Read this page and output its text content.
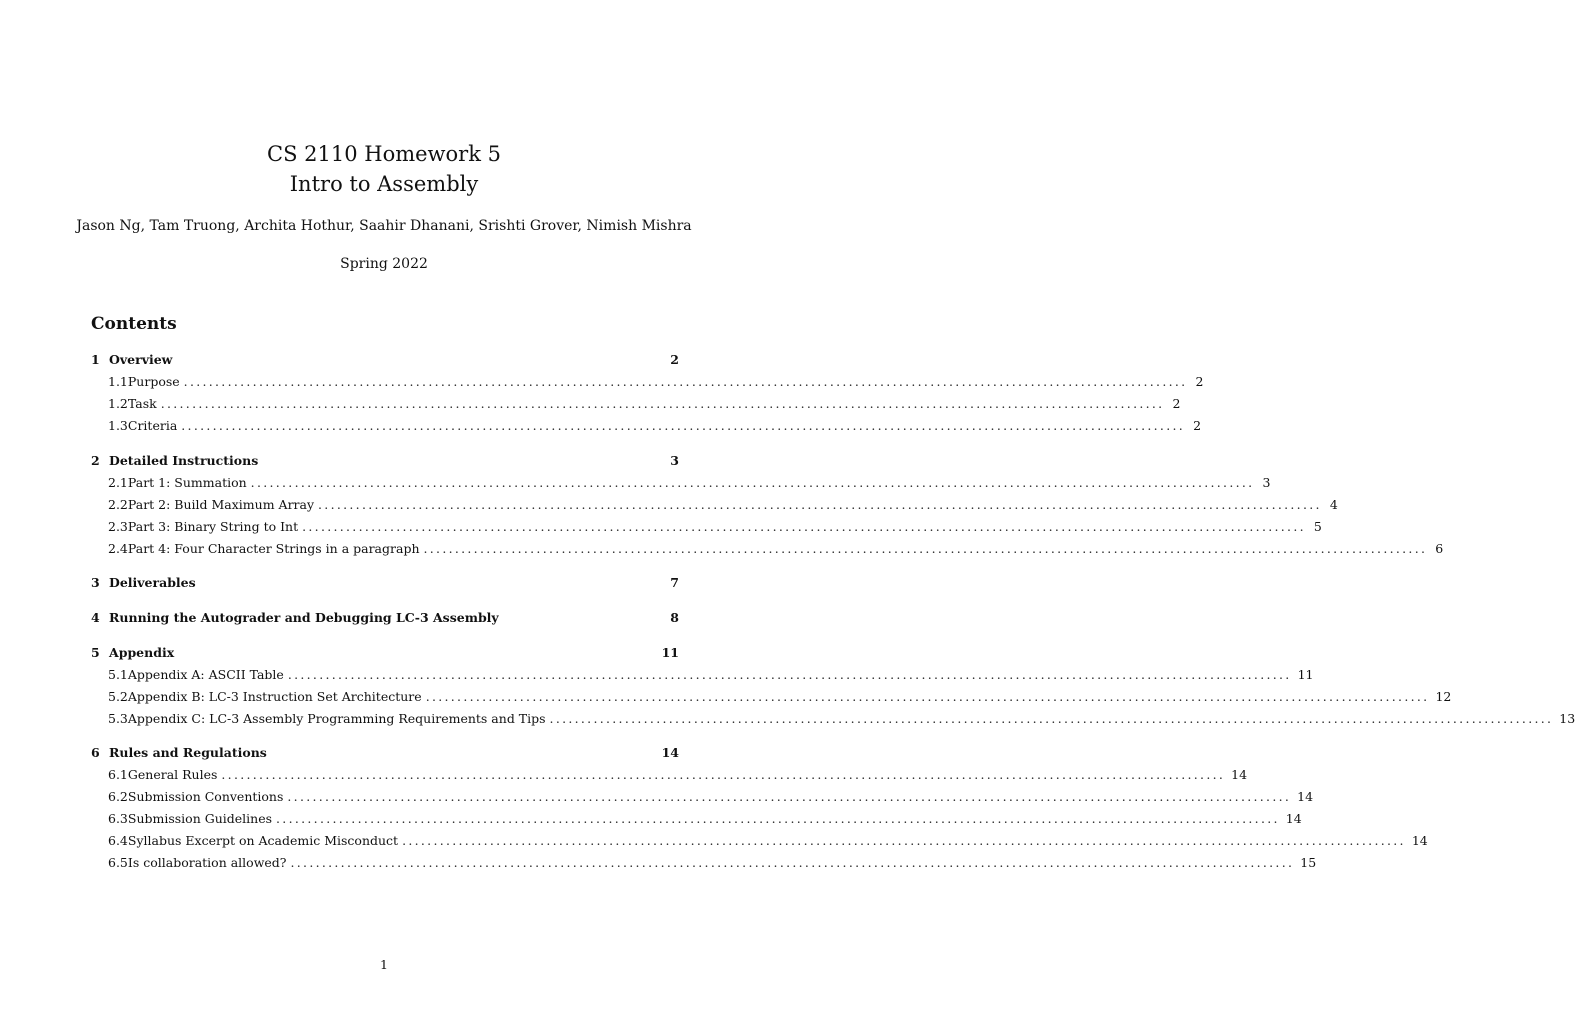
CS 2110 Homework 5
Intro to Assembly
Jason Ng, Tam Truong, Archita Hothur, Saahir Dhanani, Srishti Grover, Nimish Mishra
Spring 2022
Contents
1 Overview	2
1.1 Purpose ................................................................................................................................................................ 2
1.2 Task ................................................................................................................................................................ 2
1.3 Criteria ................................................................................................................................................................ 2
2 Detailed Instructions	3
2.1 Part 1: Summation ................................................................................................................................................................ 3
2.2 Part 2: Build Maximum Array ................................................................................................................................................................ 4
2.3 Part 3: Binary String to Int ................................................................................................................................................................ 5
2.4 Part 4: Four Character Strings in a paragraph ................................................................................................................................................................ 6
3 Deliverables	7
4 Running the Autograder and Debugging LC-3 Assembly	8
5 Appendix	11
5.1 Appendix A: ASCII Table ................................................................................................................................................................ 11
5.2 Appendix B: LC-3 Instruction Set Architecture ................................................................................................................................................................ 12
5.3 Appendix C: LC-3 Assembly Programming Requirements and Tips ................................................................................................................................................................ 13
6 Rules and Regulations	14
6.1 General Rules ................................................................................................................................................................ 14
6.2 Submission Conventions ................................................................................................................................................................ 14
6.3 Submission Guidelines ................................................................................................................................................................ 14
6.4 Syllabus Excerpt on Academic Misconduct ................................................................................................................................................................ 14
6.5 Is collaboration allowed? ................................................................................................................................................................ 15
1
